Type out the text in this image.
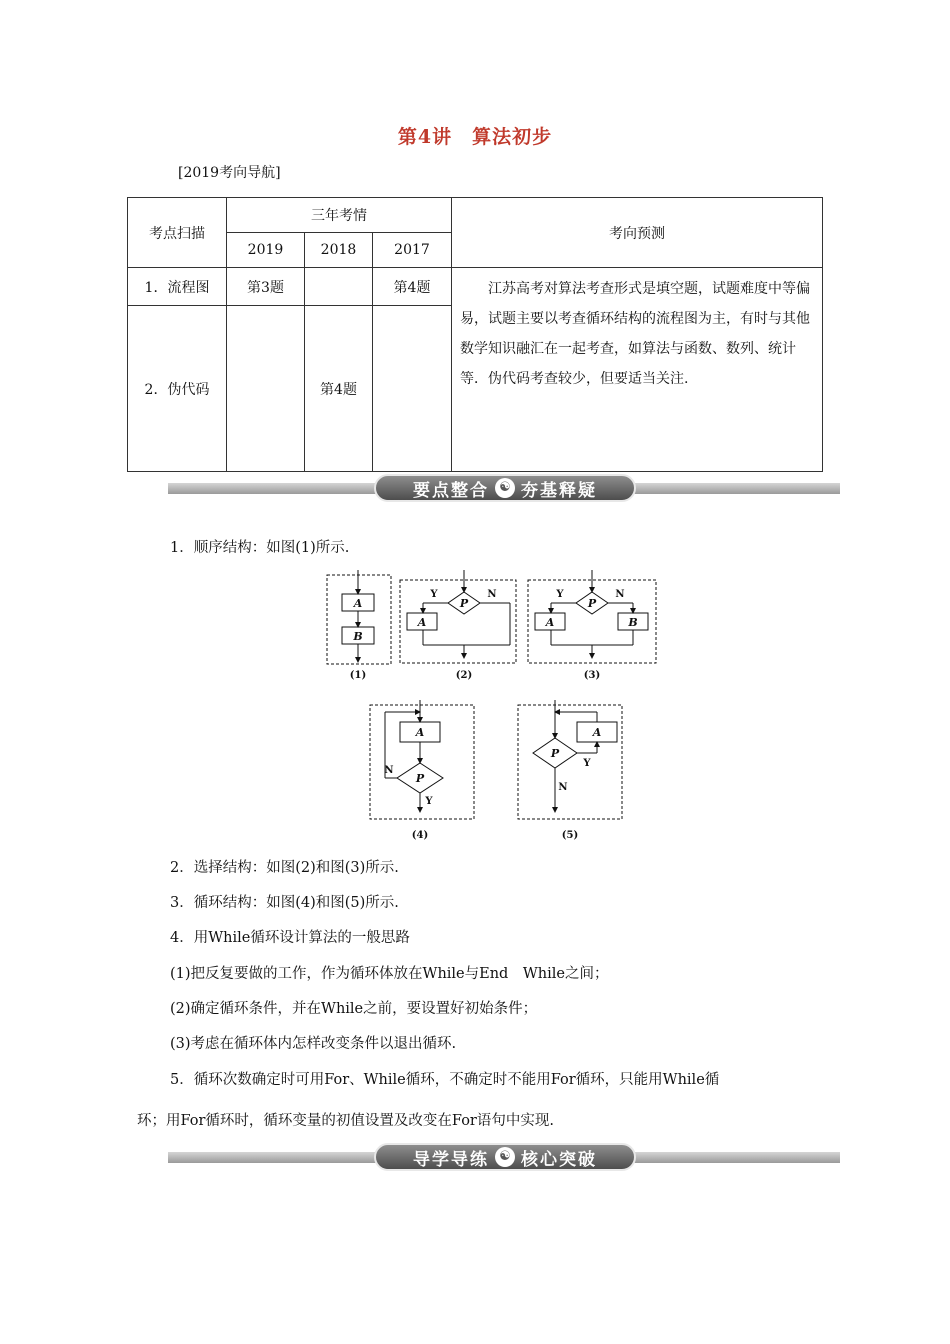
第4讲　算法初步
[2019考向导航]
考点扫描	三年考情			考向预测
	2019	2018	2017	
1．流程图	第3题		第4题	江苏高考对算法考查形式是填空题，试题难度中等偏易，试题主要以考查循环结构的流程图为主，有时与其他数学知识融汇在一起考查，如算法与函数、数列、统计等．伪代码考查较少，但要适当关注.
2．伪代码		第4题		
要点整合 ☯ 夯基释疑
1．顺序结构：如图(1)所示.
A
B
P
A
P
A	B
Y	N	Y	N
(1)	(2)	(3)
A
P
P
A
N
Y
Y
N
(4)	(5)
2．选择结构：如图(2)和图(3)所示.
3．循环结构：如图(4)和图(5)所示.
4．用While循环设计算法的一般思路
(1)把反复要做的工作，作为循环体放在While与End　While之间；
(2)确定循环条件，并在While之前，要设置好初始条件；
(3)考虑在循环体内怎样改变条件以退出循环.
5．循环次数确定时可用For、While循环，不确定时不能用For循环，只能用While循
环；用For循环时，循环变量的初值设置及改变在For语句中实现.
导学导练 ☯ 核心突破
